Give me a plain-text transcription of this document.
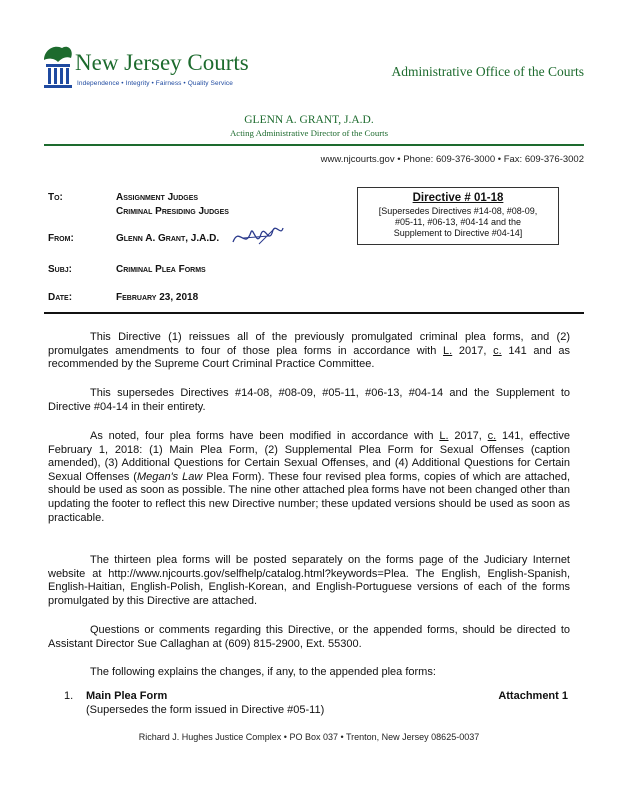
New Jersey Courts
Independence • Integrity • Fairness • Quality Service
Administrative Office of the Courts
GLENN A. GRANT, J.A.D.
Acting Administrative Director of the Courts
www.njcourts.gov • Phone: 609-376-3000 • Fax: 609-376-3002
To:	Assignment Judges
Criminal Presiding Judges
From:	Glenn A. Grant, J.A.D.
Subj:	Criminal Plea Forms
Date:	February 23, 2018
Directive # 01-18
[Supersedes Directives #14-08, #08-09,
#05-11, #06-13, #04-14 and the
Supplement to Directive #04-14]
This Directive (1) reissues all of the previously promulgated criminal plea forms, and (2) promulgates amendments to four of those plea forms in accordance with L. 2017, c. 141 and as recommended by the Supreme Court Criminal Practice Committee.
This supersedes Directives #14-08, #08-09, #05-11, #06-13, #04-14 and the Supplement to Directive #04-14 in their entirety.
As noted, four plea forms have been modified in accordance with L. 2017, c. 141, effective February 1, 2018: (1) Main Plea Form, (2) Supplemental Plea Form for Sexual Offenses (caption amended), (3) Additional Questions for Certain Sexual Offenses, and (4) Additional Questions for Certain Sexual Offenses (Megan's Law Plea Form). These four revised plea forms, copies of which are attached, should be used as soon as possible. The nine other attached plea forms have not been changed other than updating the footer to reflect this new Directive number; these updated versions should be used as soon as practicable.
The thirteen plea forms will be posted separately on the forms page of the Judiciary Internet website at http://www.njcourts.gov/selfhelp/catalog.html?keywords=Plea. The English, English-Spanish, English-Haitian, English-Polish, English-Korean, and English-Portuguese versions of each of the forms promulgated by this Directive are attached.
Questions or comments regarding this Directive, or the appended forms, should be directed to Assistant Director Sue Callaghan at (609) 815-2900, Ext. 55300.
The following explains the changes, if any, to the appended plea forms:
1. Main Plea Form
(Supersedes the form issued in Directive #05-11)
Attachment 1
Richard J. Hughes Justice Complex • PO Box 037 • Trenton, New Jersey 08625-0037
